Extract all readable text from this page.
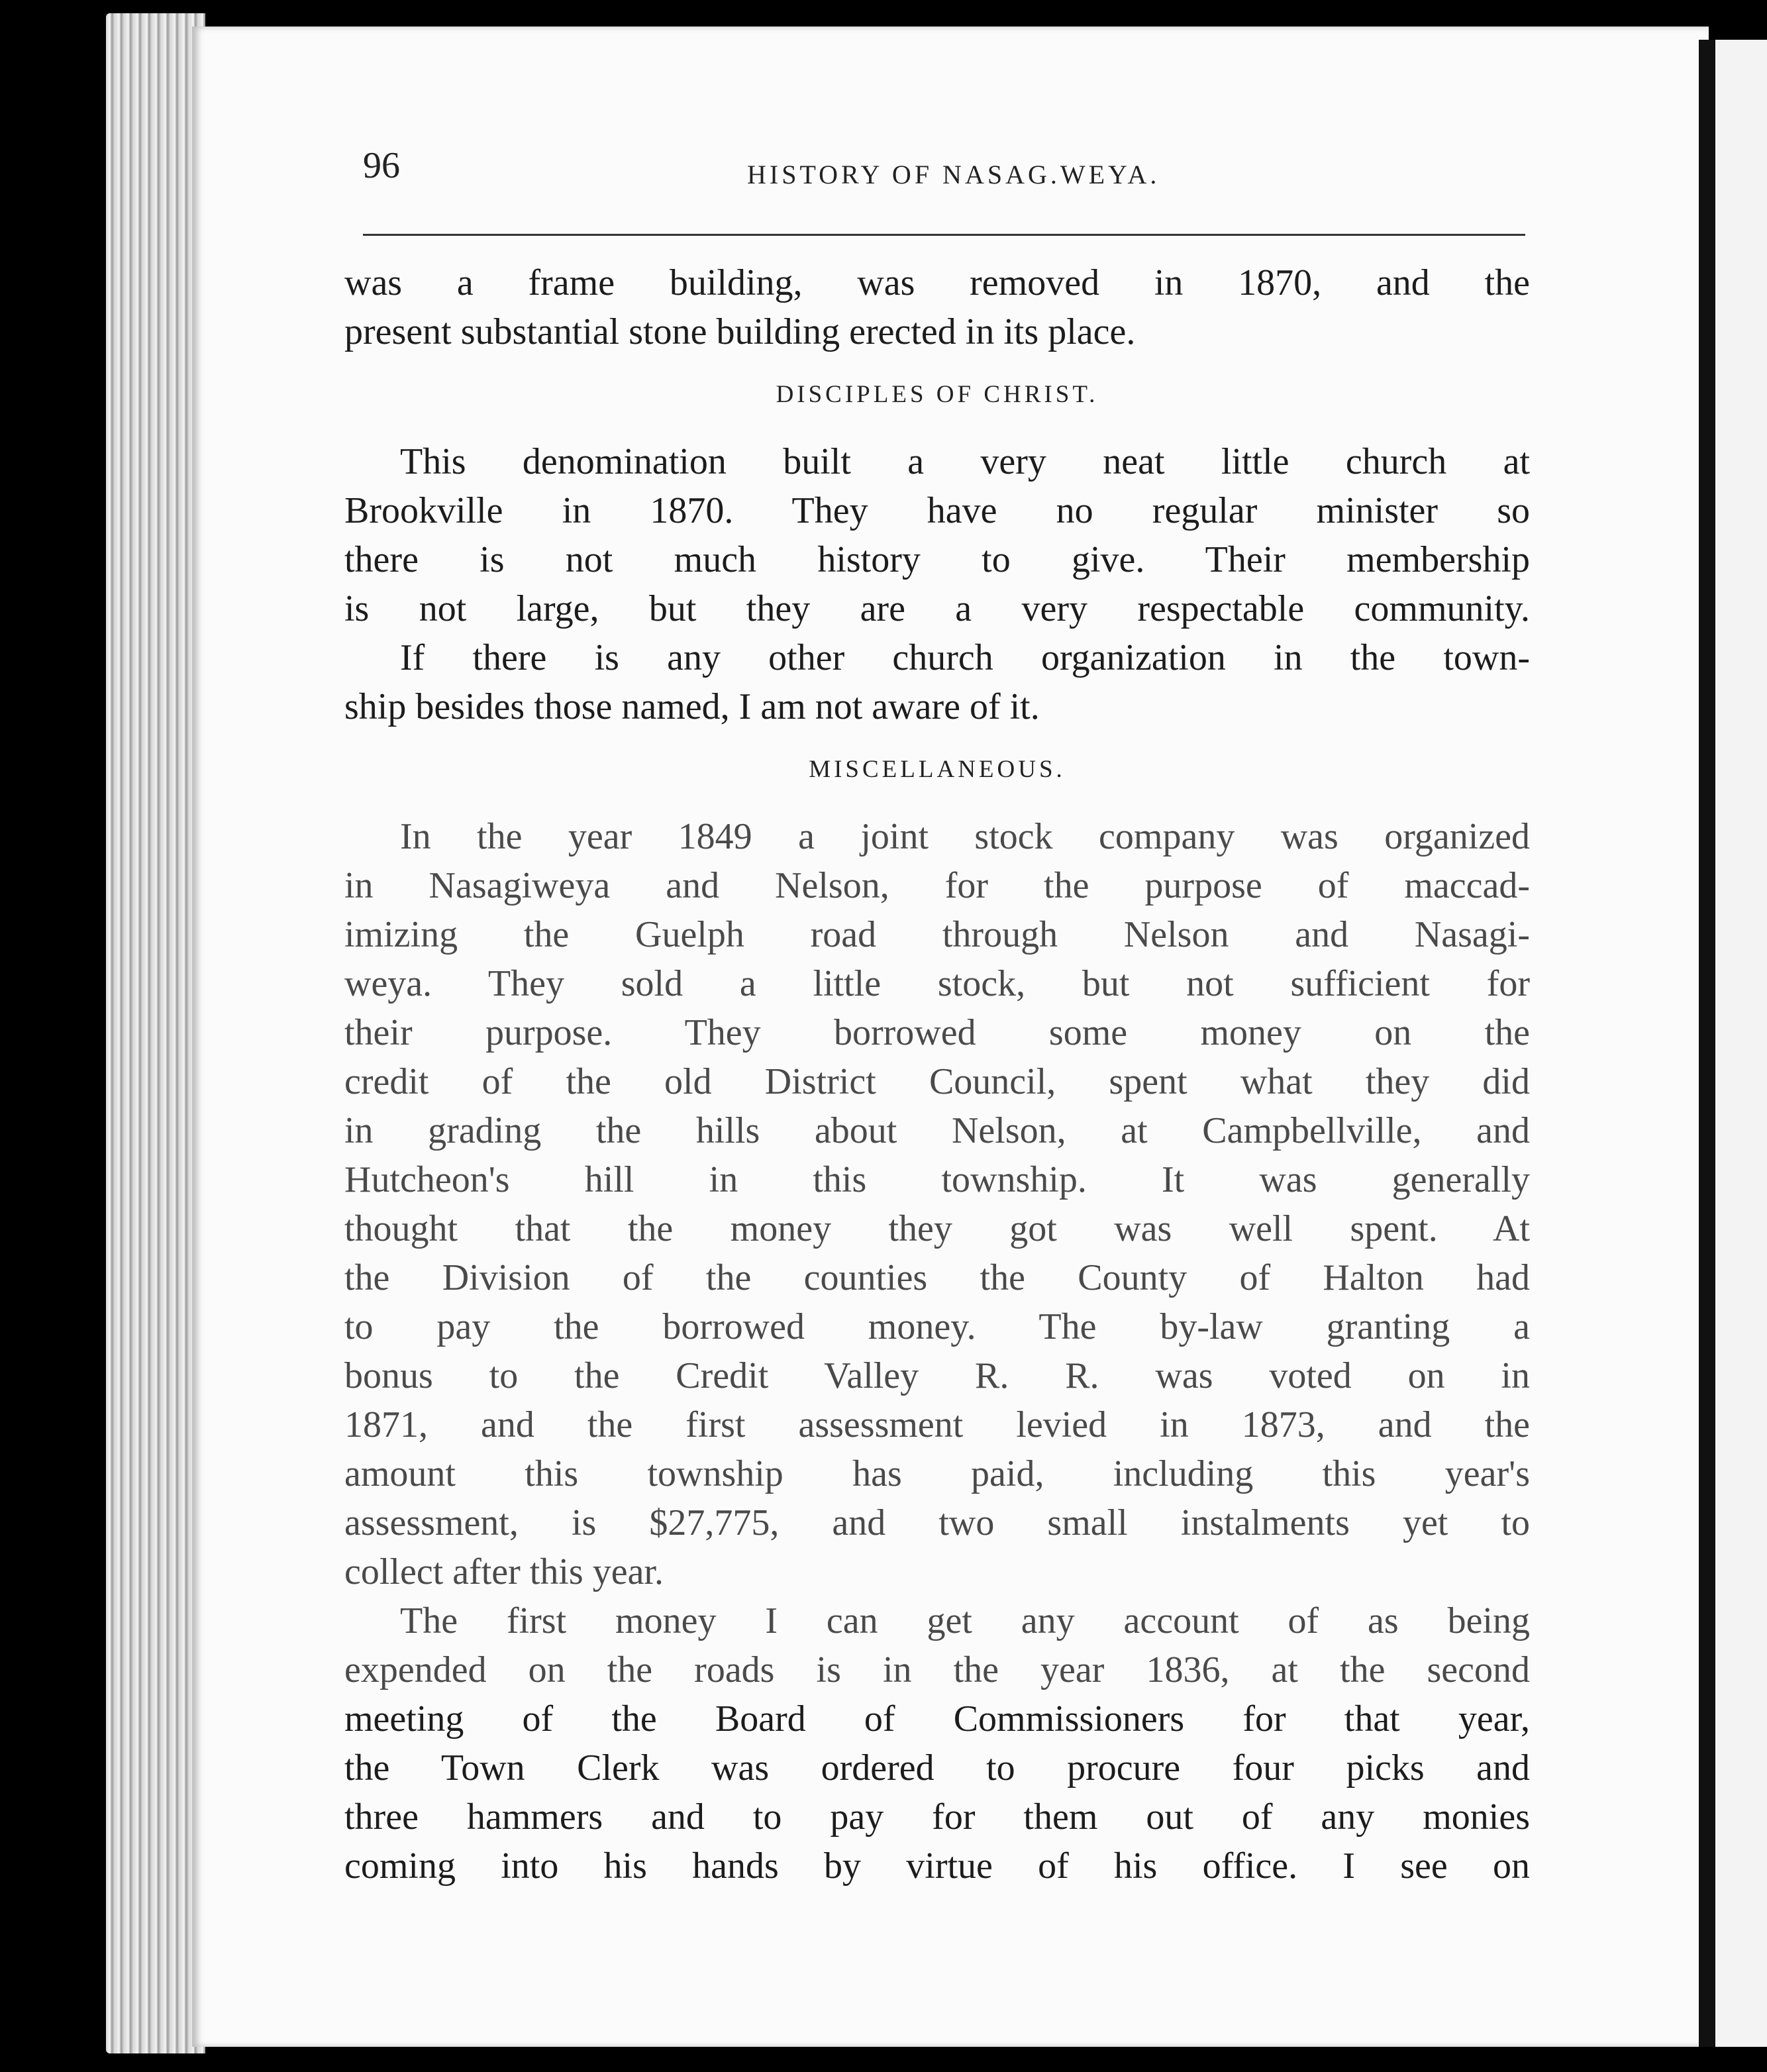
96	HISTORY OF NASAG.WEYA.
was a frame building, was removed in 1870, and the
present substantial stone building erected in its place.
DISCIPLES OF CHRIST.
This denomination built a very neat little church at
Brookville in 1870. They have no regular minister so
there is not much history to give. Their membership
is not large, but they are a very respectable community.
If there is any other church organization in the town-
ship besides those named, I am not aware of it.
MISCELLANEOUS.
In the year 1849 a joint stock company was organized
in Nasagiweya and Nelson, for the purpose of maccad-
imizing the Guelph road through Nelson and Nasagi-
weya. They sold a little stock, but not sufficient for
their purpose. They borrowed some money on the
credit of the old District Council, spent what they did
in grading the hills about Nelson, at Campbellville, and
Hutcheon's hill in this township. It was generally
thought that the money they got was well spent. At
the Division of the counties the County of Halton had
to pay the borrowed money. The by-law granting a
bonus to the Credit Valley R. R. was voted on in
1871, and the first assessment levied in 1873, and the
amount this township has paid, including this year's
assessment, is $27,775, and two small instalments yet to
collect after this year.
The first money I can get any account of as being
expended on the roads is in the year 1836, at the second
meeting of the Board of Commissioners for that year,
the Town Clerk was ordered to procure four picks and
three hammers and to pay for them out of any monies
coming into his hands by virtue of his office. I see on
